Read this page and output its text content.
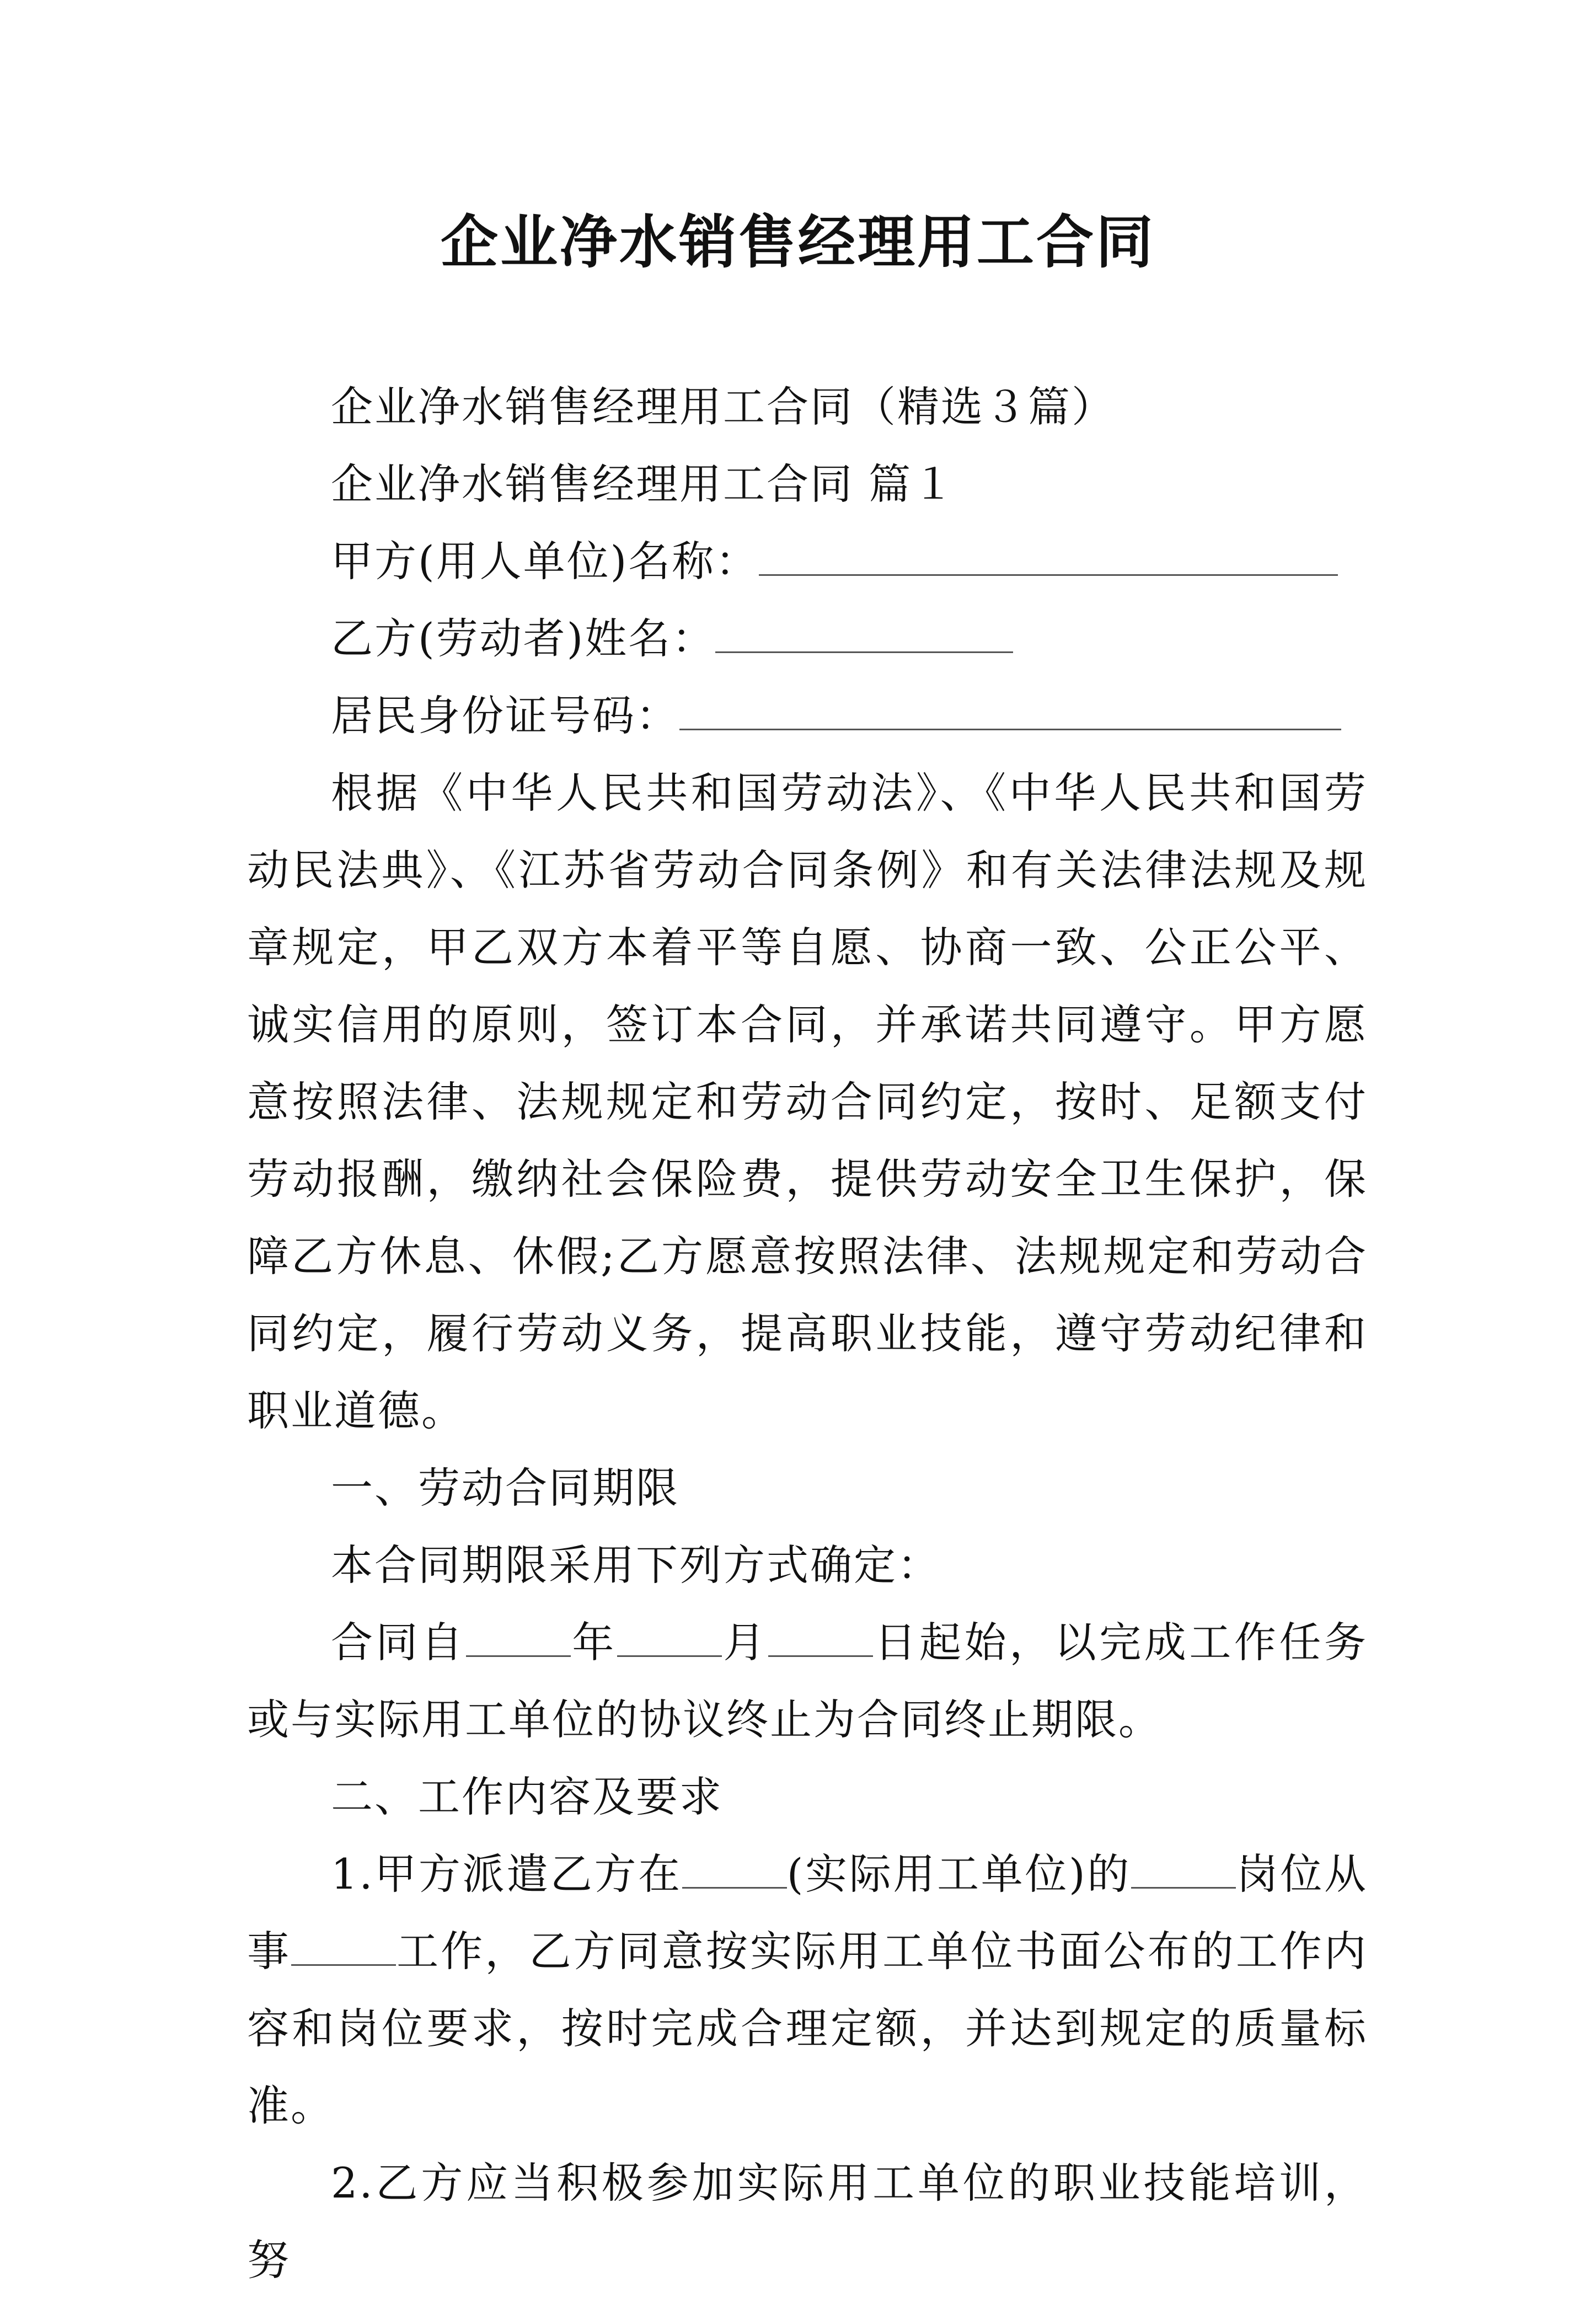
企业净水销售经理用工合同

企业净水销售经理用工合同（精选３篇）

企业净水销售经理用工合同 篇１

甲方(用人单位)名称：

乙方(劳动者)姓名：

居民身份证号码：

根据《中华人民共和国劳动法》、《中华人民共和国劳动民法典》、《江苏省劳动合同条例》和有关法律法规及规章规定，甲乙双方本着平等自愿、协商一致、公正公平、诚实信用的原则，签订本合同，并承诺共同遵守。甲方愿意按照法律、法规规定和劳动合同约定，按时、足额支付劳动报酬，缴纳社会保险费，提供劳动安全卫生保护，保障乙方休息、休假;乙方愿意按照法律、法规规定和劳动合同约定，履行劳动义务，提高职业技能，遵守劳动纪律和职业道德。

一、劳动合同期限

本合同期限采用下列方式确定：

合同自	年	月	日起始，以完成工作任务或与实际用工单位的协议终止为合同终止期限。

二、工作内容及要求

1.甲方派遣乙方在	(实际用工单位)的	岗位从事	工作，乙方同意按实际用工单位书面公布的工作内容和岗位要求，按时完成合理定额，并达到规定的质量标准。

2.乙方应当积极参加实际用工单位的职业技能培训，努
